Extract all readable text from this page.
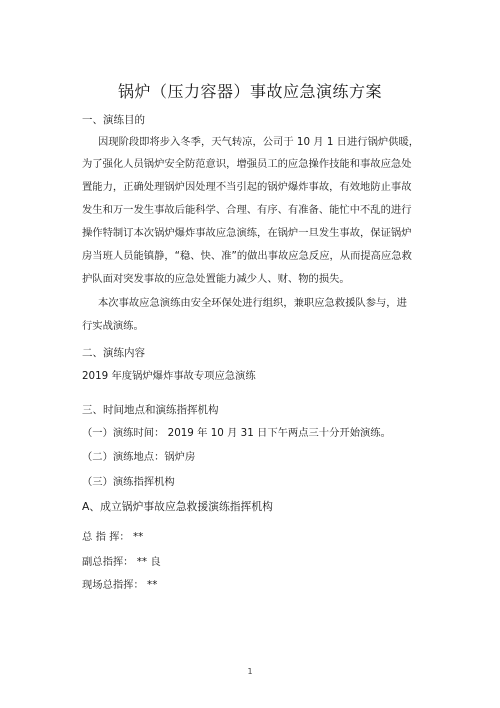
锅炉（压力容器）事故应急演练方案
一、演练目的
因现阶段即将步入冬季，天气转凉，公司于 10 月 1 日进行锅炉供暖，
为了强化人员锅炉安全防范意识，增强员工的应急操作技能和事故应急处
置能力，正确处理锅炉因处理不当引起的锅炉爆炸事故，有效地防止事故
发生和万一发生事故后能科学、合理、有序、有准备、能忙中不乱的进行
操作特制订本次锅炉爆炸事故应急演练，在锅炉一旦发生事故，保证锅炉
房当班人员能镇静，“稳、快、准”的做出事故应急反应，从而提高应急救
护队面对突发事故的应急处置能力减少人、财、物的损失。
本次事故应急演练由安全环保处进行组织，兼职应急救援队参与，进
行实战演练。
二、演练内容
2019 年度锅炉爆炸事故专项应急演练
三、时间地点和演练指挥机构
（一）演练时间： 2019 年 10 月 31 日下午两点三十分开始演练。
（二）演练地点：锅炉房
（三）演练指挥机构
A、成立锅炉事故应急救援演练指挥机构
总 指 挥： **
副总指挥： ** 良
现场总指挥： **
1
